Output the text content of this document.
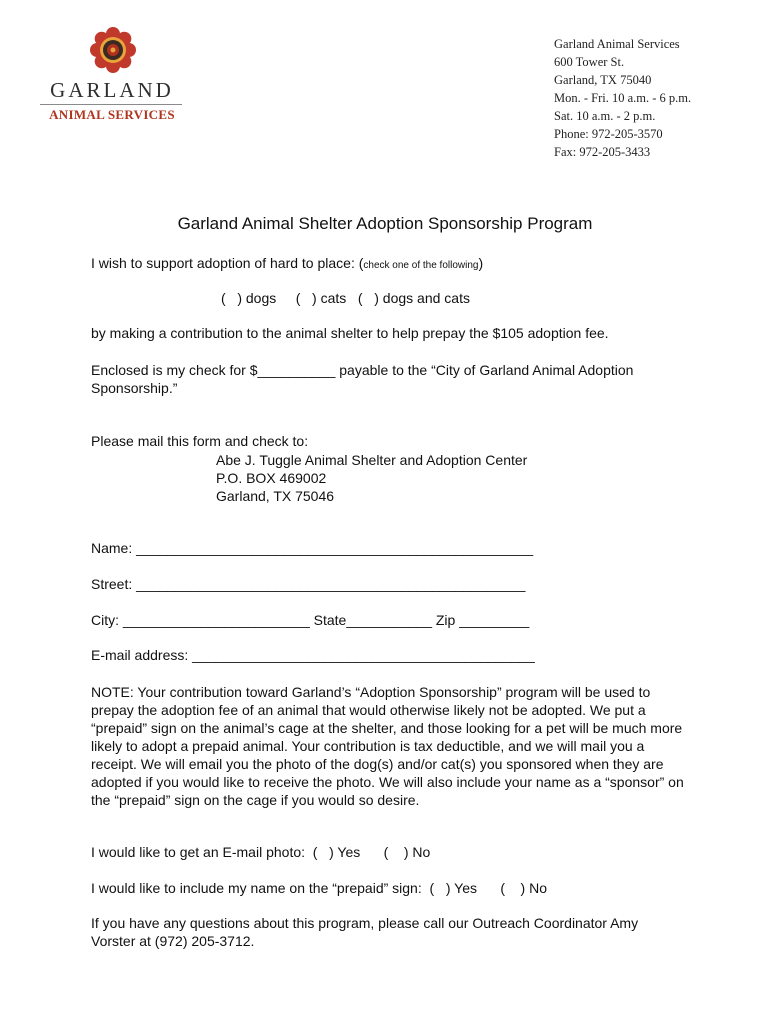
GARLAND
ANIMAL SERVICES
Garland Animal Services
600 Tower St.
Garland, TX 75040
Mon. - Fri. 10 a.m. - 6 p.m.
Sat. 10 a.m. - 2 p.m.
Phone: 972-205-3570
Fax: 972-205-3433
Garland Animal Shelter Adoption Sponsorship Program
I wish to support adoption of hard to place: (check one of the following)
(   ) dogs     (   ) cats   (   ) dogs and cats
by making a contribution to the animal shelter to help prepay the $105 adoption fee.
Enclosed is my check for $__________ payable to the “City of Garland Animal Adoption Sponsorship.”
Please mail this form and check to:
Abe J. Tuggle Animal Shelter and Adoption Center
P.O. BOX 469002
Garland, TX 75046
Name: ___________________________________________________
Street: __________________________________________________
City: ________________________ State___________ Zip _________
E-mail address: ____________________________________________
NOTE: Your contribution toward Garland’s “Adoption Sponsorship” program will be used to prepay the adoption fee of an animal that would otherwise likely not be adopted. We put a “prepaid” sign on the animal’s cage at the shelter, and those looking for a pet will be much more likely to adopt a prepaid animal. Your contribution is tax deductible, and we will mail you a receipt. We will email you the photo of the dog(s) and/or cat(s) you sponsored when they are adopted if you would like to receive the photo. We will also include your name as a “sponsor” on the “prepaid” sign on the cage if you would so desire.
I would like to get an E-mail photo:  (   ) Yes      (    ) No
I would like to include my name on the “prepaid” sign:  (   ) Yes      (    ) No
If you have any questions about this program, please call our Outreach Coordinator Amy Vorster at (972) 205-3712.
